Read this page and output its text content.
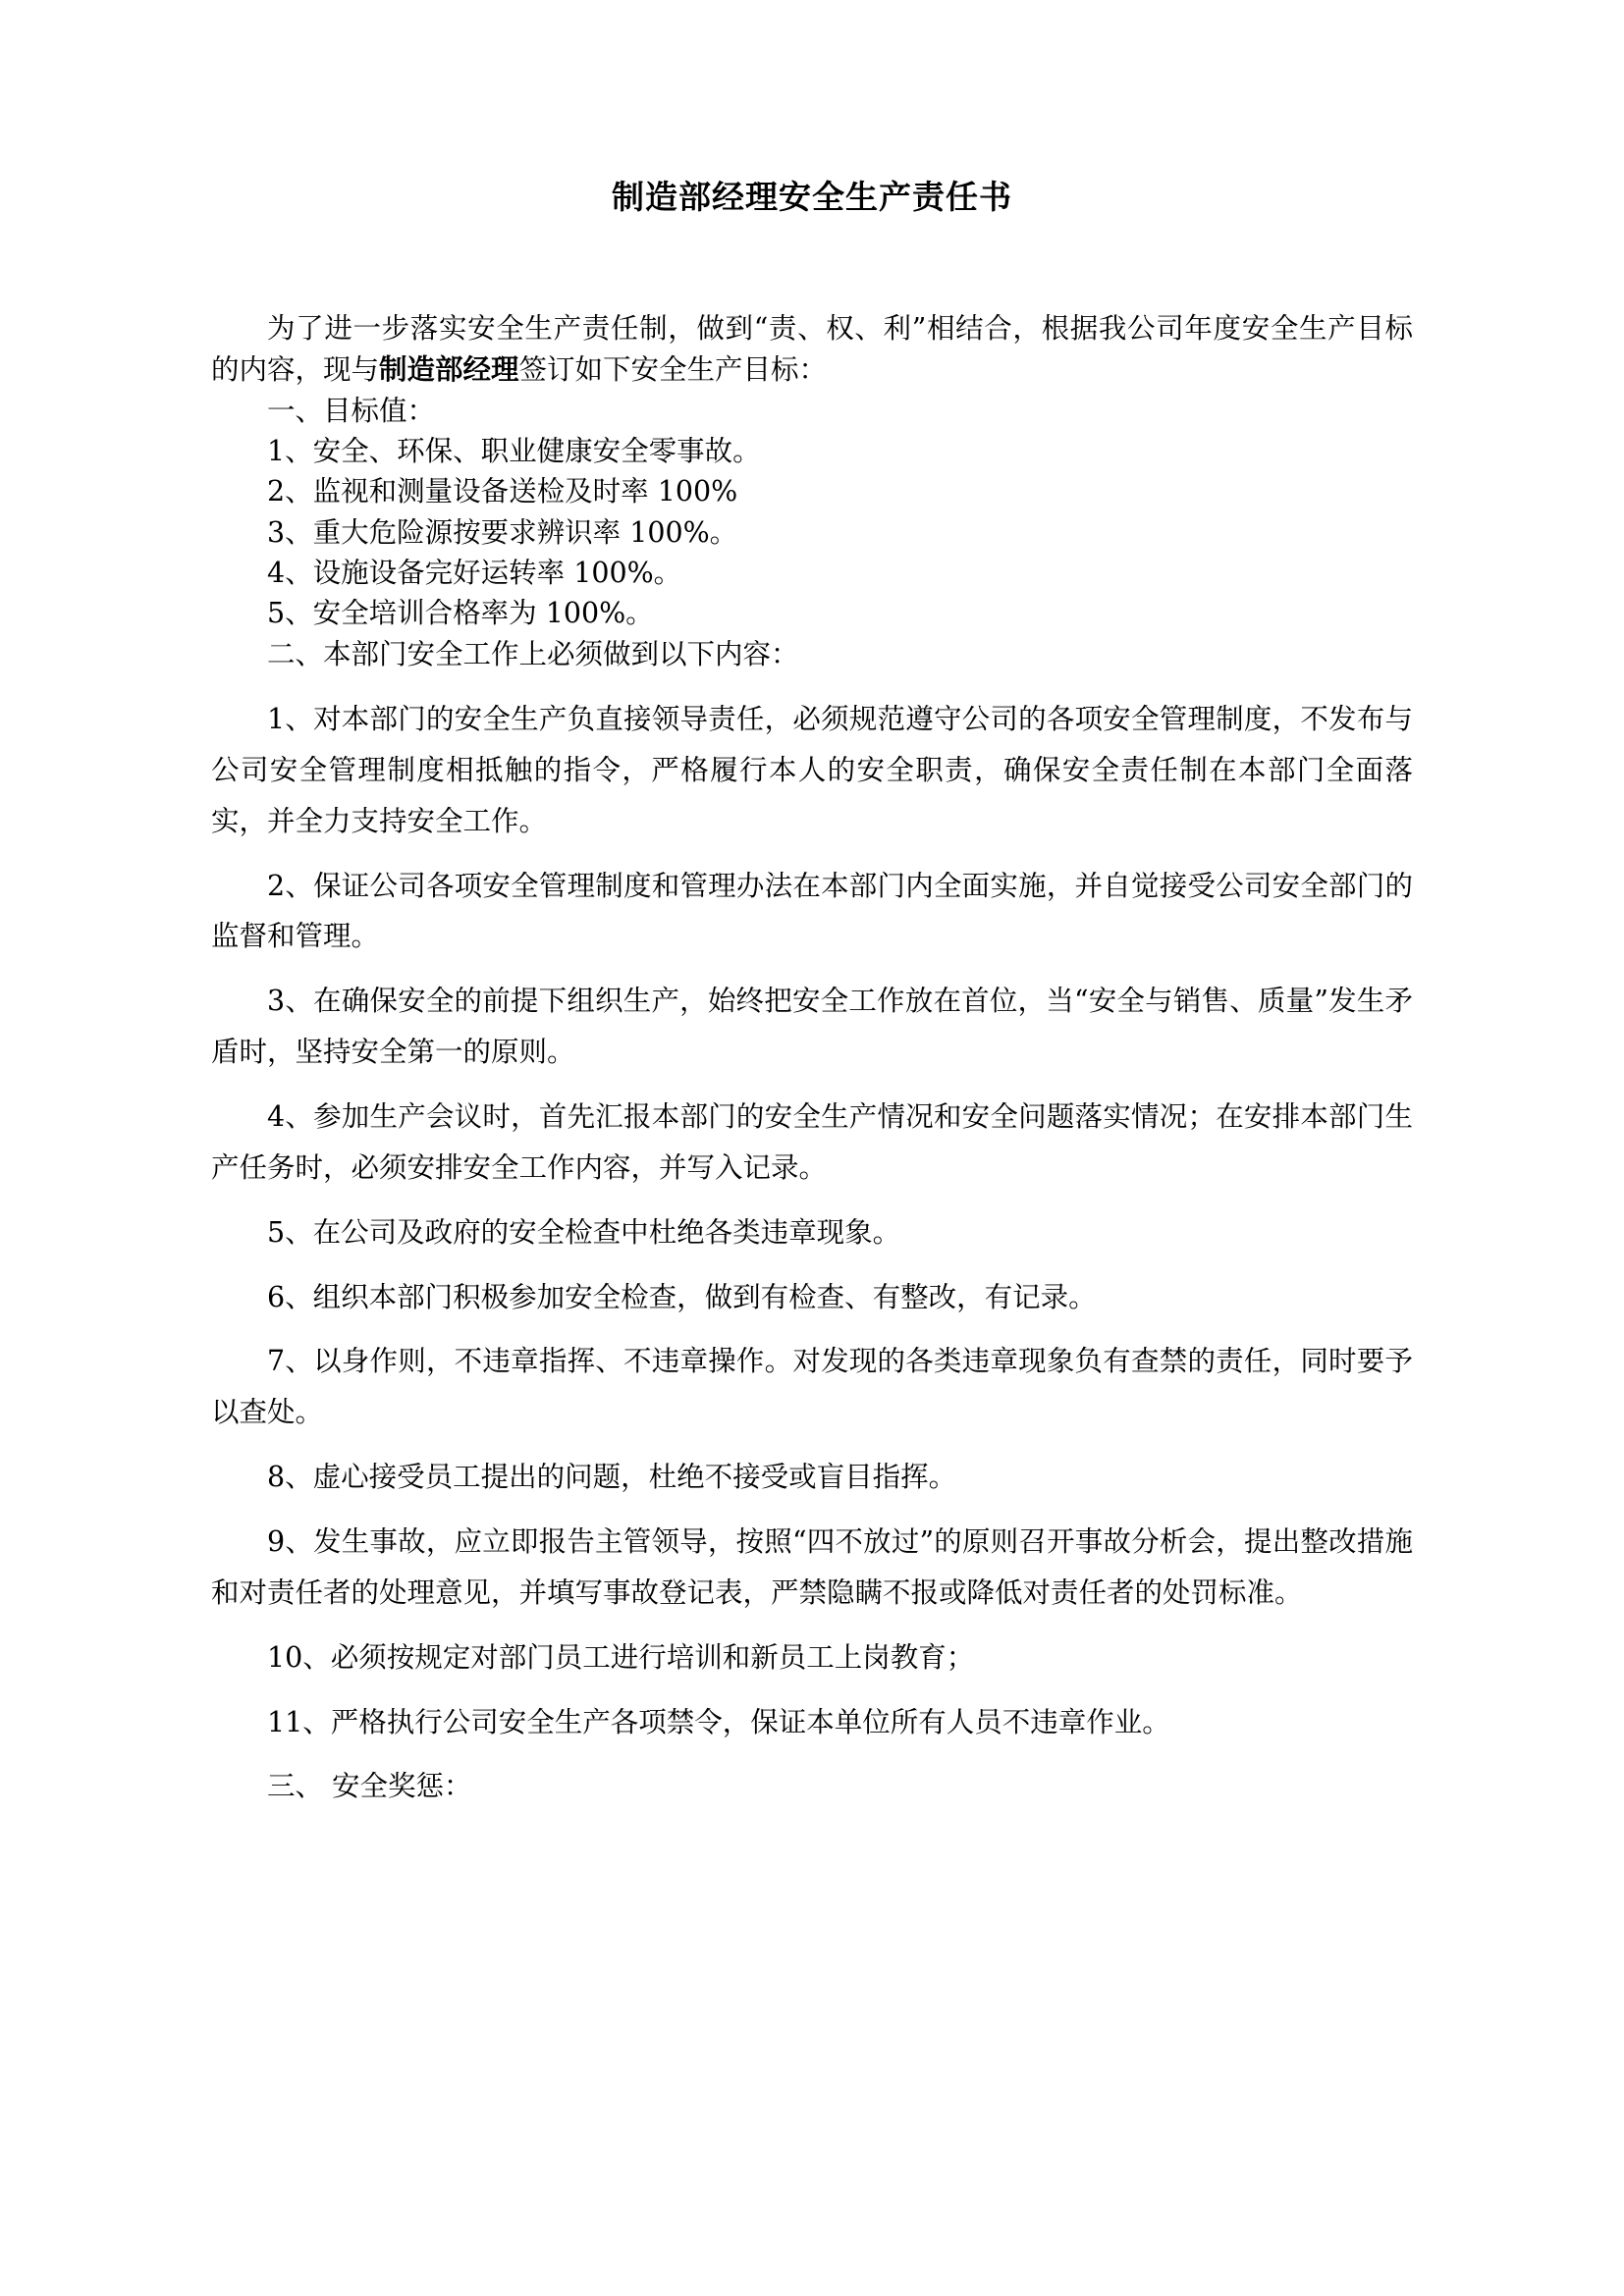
制造部经理安全生产责任书

为了进一步落实安全生产责任制，做到“责、权、利”相结合，根据我公司年度安全生产目标的内容，现与制造部经理签订如下安全生产目标：

一、目标值：

1、安全、环保、职业健康安全零事故。

2、监视和测量设备送检及时率 100%

3、重大危险源按要求辨识率 100%。

4、设施设备完好运转率 100%。

5、安全培训合格率为 100%。

二、本部门安全工作上必须做到以下内容：

1、对本部门的安全生产负直接领导责任，必须规范遵守公司的各项安全管理制度，不发布与公司安全管理制度相抵触的指令，严格履行本人的安全职责，确保安全责任制在本部门全面落实，并全力支持安全工作。

2、保证公司各项安全管理制度和管理办法在本部门内全面实施，并自觉接受公司安全部门的监督和管理。

3、在确保安全的前提下组织生产，始终把安全工作放在首位，当“安全与销售、质量”发生矛盾时，坚持安全第一的原则。

4、参加生产会议时，首先汇报本部门的安全生产情况和安全问题落实情况；在安排本部门生产任务时，必须安排安全工作内容，并写入记录。

5、在公司及政府的安全检查中杜绝各类违章现象。

6、组织本部门积极参加安全检查，做到有检查、有整改，有记录。

7、以身作则，不违章指挥、不违章操作。对发现的各类违章现象负有查禁的责任，同时要予以查处。

8、虚心接受员工提出的问题，杜绝不接受或盲目指挥。

9、发生事故，应立即报告主管领导，按照“四不放过”的原则召开事故分析会，提出整改措施和对责任者的处理意见，并填写事故登记表，严禁隐瞒不报或降低对责任者的处罚标准。

10、必须按规定对部门员工进行培训和新员工上岗教育；

11、严格执行公司安全生产各项禁令，保证本单位所有人员不违章作业。

三、 安全奖惩：
